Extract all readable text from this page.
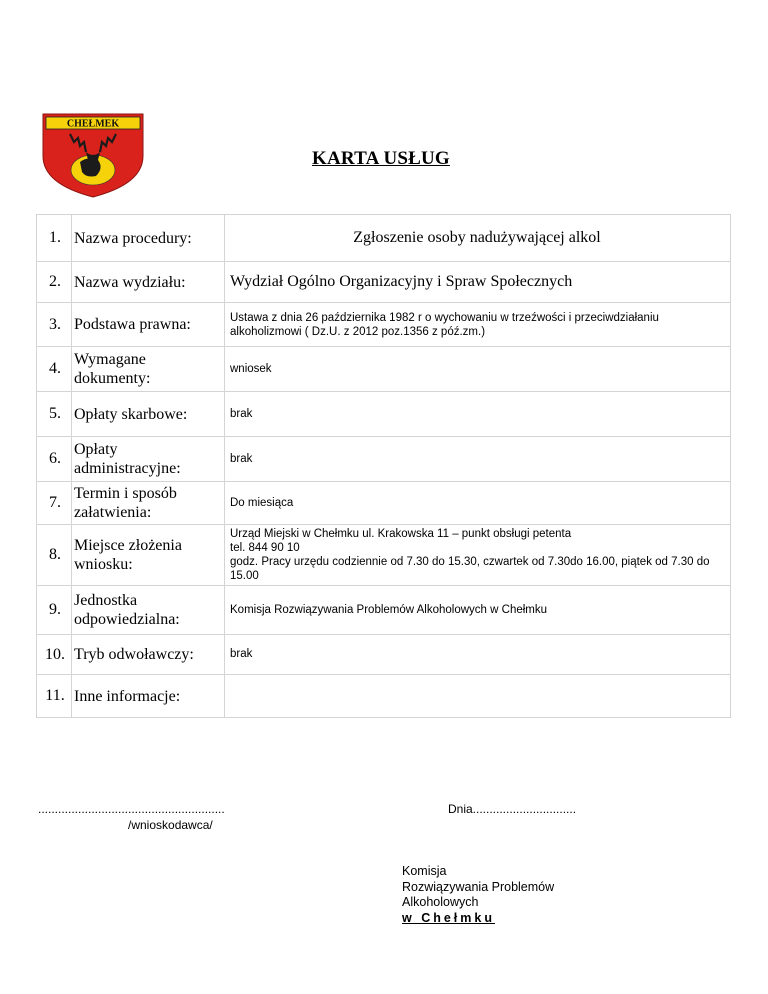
CHEŁMEK
KARTA USŁUG
1.	Nazwa procedury:	Zgłoszenie osoby nadużywającej alkol
2.	Nazwa wydziału:	Wydział Ogólno Organizacyjny i Spraw Społecznych
3.	Podstawa prawna:	Ustawa z dnia 26 października 1982 r o wychowaniu w trzeźwości i przeciwdziałaniu alkoholizmowi ( Dz.U. z 2012 poz.1356 z póź.zm.)
4.	Wymagane dokumenty:	wniosek
5.	Opłaty skarbowe:	brak
6.	Opłaty administracyjne:	brak
7.	Termin i sposób załatwienia:	Do miesiąca
8.	Miejsce złożenia wniosku:	Urząd Miejski w Chełmku ul. Krakowska 11 – punkt obsługi petenta
tel. 844 90 10
godz. Pracy urzędu codziennie od 7.30 do 15.30, czwartek od 7.30do 16.00, piątek od 7.30 do 15.00

9.	Jednostka odpowiedzialna:	Komisja Rozwiązywania Problemów Alkoholowych w Chełmku
10.	Tryb odwoławczy:	brak
11.	Inne informacje:	
........................................................
/wnioskodawca/
Dnia...............................
Komisja
Rozwiązywania Problemów
Alkoholowych
w Chełmku
